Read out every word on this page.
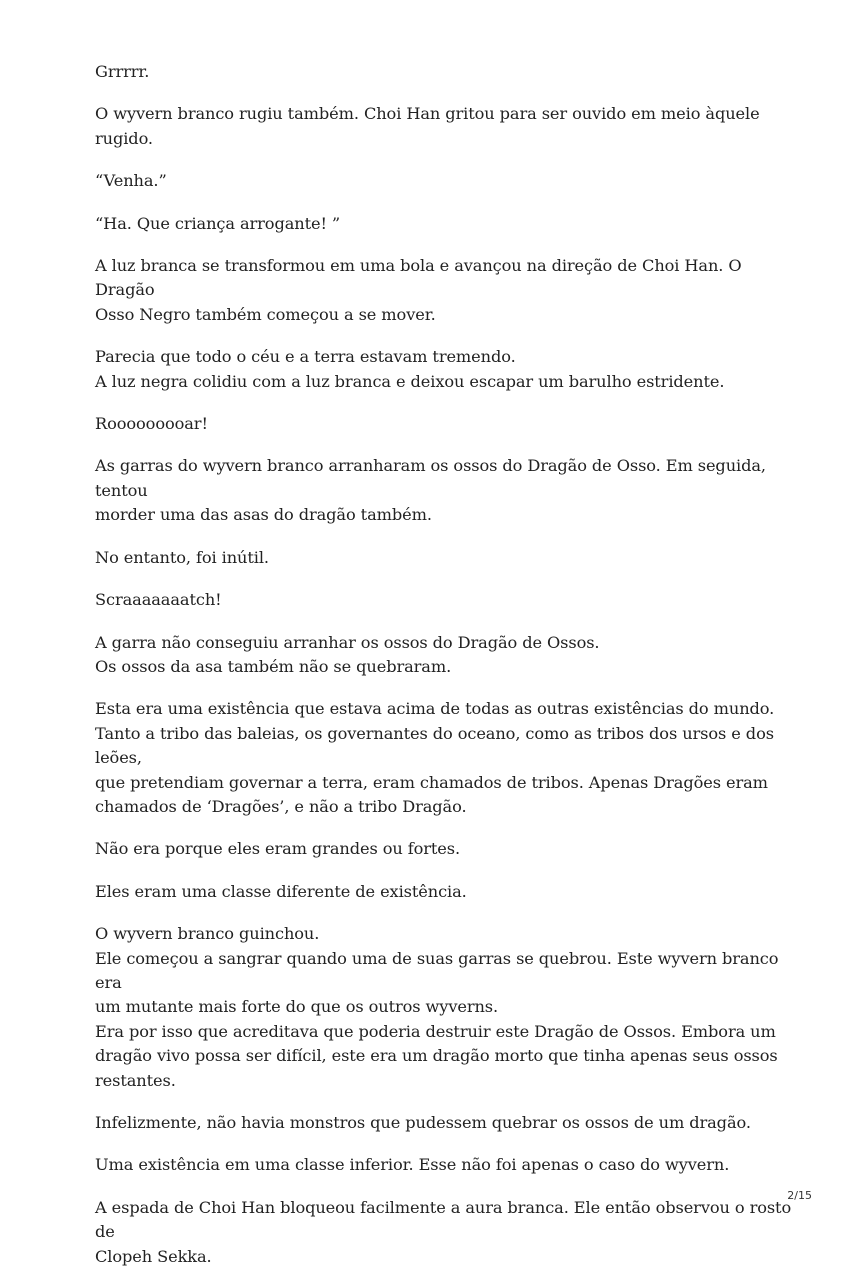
Grrrrr.

O wyvern branco rugiu também. Choi Han gritou para ser ouvido em meio àquele
rugido.

“Venha.”

“Ha. Que criança arrogante! ”

A luz branca se transformou em uma bola e avançou na direção de Choi Han. O Dragão
Osso Negro também começou a se mover.

Parecia que todo o céu e a terra estavam tremendo.
A luz negra colidiu com a luz branca e deixou escapar um barulho estridente.

Rooooooooar!

As garras do wyvern branco arranharam os ossos do Dragão de Osso. Em seguida, tentou
morder uma das asas do dragão também.

No entanto, foi inútil.

Scraaaaaaatch!

A garra não conseguiu arranhar os ossos do Dragão de Ossos.
Os ossos da asa também não se quebraram.

Esta era uma existência que estava acima de todas as outras existências do mundo.
Tanto a tribo das baleias, os governantes do oceano, como as tribos dos ursos e dos leões,
que pretendiam governar a terra, eram chamados de tribos. Apenas Dragões eram
chamados de ‘Dragões’, e não a tribo Dragão.

Não era porque eles eram grandes ou fortes.

Eles eram uma classe diferente de existência.

O wyvern branco guinchou.
Ele começou a sangrar quando uma de suas garras se quebrou. Este wyvern branco era
um mutante mais forte do que os outros wyverns.
Era por isso que acreditava que poderia destruir este Dragão de Ossos. Embora um
dragão vivo possa ser difícil, este era um dragão morto que tinha apenas seus ossos
restantes.

Infelizmente, não havia monstros que pudessem quebrar os ossos de um dragão.

Uma existência em uma classe inferior. Esse não foi apenas o caso do wyvern.

A espada de Choi Han bloqueou facilmente a aura branca. Ele então observou o rosto de
Clopeh Sekka.

2/15
